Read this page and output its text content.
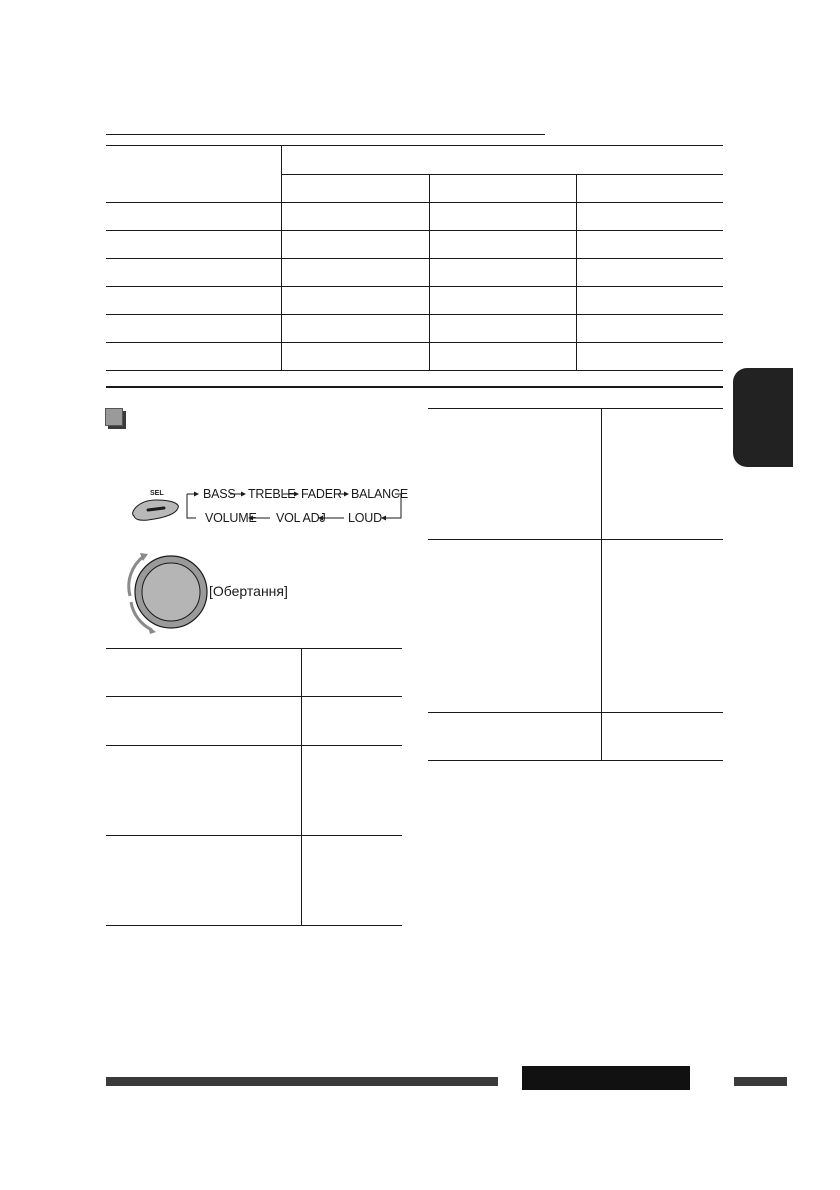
SEL	BASS TREBLE FADER BALANCE
VOLUME VOL ADJ LOUD
[Обертання]
